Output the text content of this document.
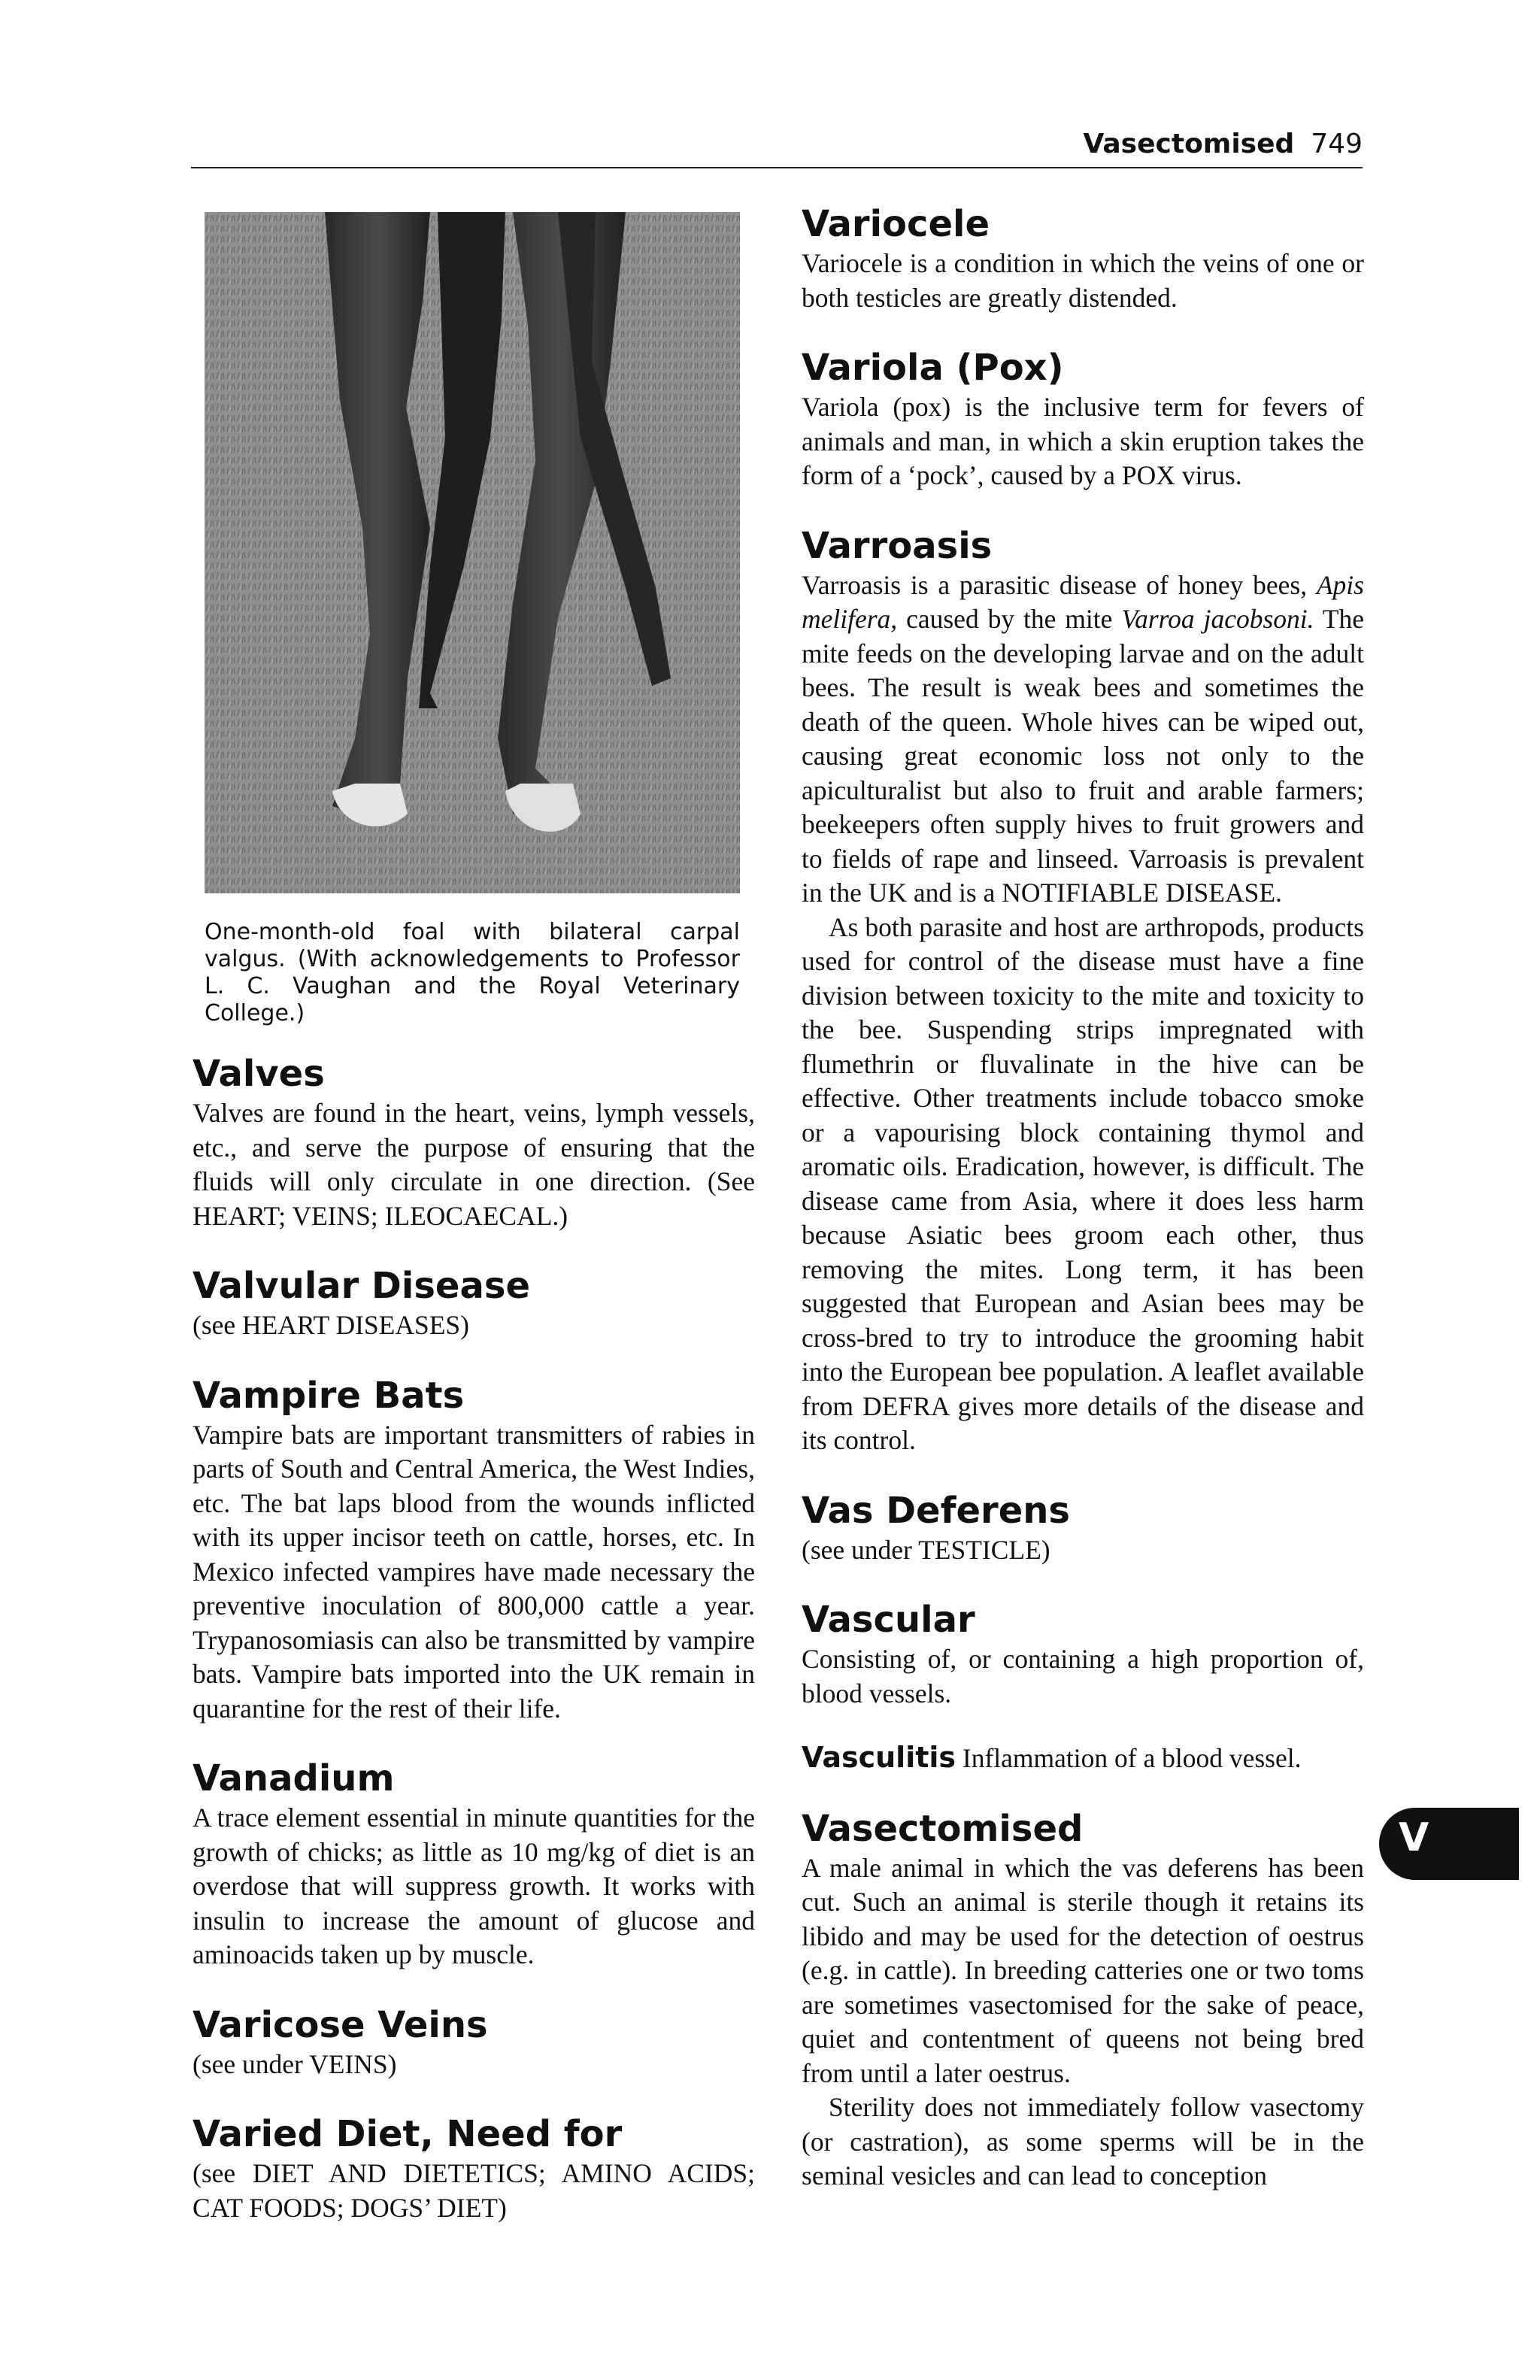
Vasectomised 749
One-month-old foal with bilateral carpal valgus. (With acknowledgements to Professor L. C. Vaughan and the Royal Veterinary College.)
Valves

Valves are found in the heart, veins, lymph vessels, etc., and serve the purpose of ensuring that the fluids will only circulate in one direction. (See HEART; VEINS; ILEOCAECAL.)

Valvular Disease

(see HEART DISEASES)

Vampire Bats

Vampire bats are important transmitters of rabies in parts of South and Central America, the West Indies, etc. The bat laps blood from the wounds inflicted with its upper incisor teeth on cattle, horses, etc. In Mexico infected vampires have made necessary the preventive inoculation of 800,000 cattle a year. Trypanosomiasis can also be transmitted by vampire bats. Vampire bats imported into the UK remain in quarantine for the rest of their life.

Vanadium

A trace element essential in minute quantities for the growth of chicks; as little as 10 mg/kg of diet is an overdose that will suppress growth. It works with insulin to increase the amount of glucose and aminoacids taken up by muscle.

Varicose Veins

(see under VEINS)

Varied Diet, Need for

(see DIET AND DIETETICS; AMINO ACIDS; CAT FOODS; DOGS’ DIET)

Variocele

Variocele is a condition in which the veins of one or both testicles are greatly distended.

Variola (Pox)

Variola (pox) is the inclusive term for fevers of animals and man, in which a skin eruption takes the form of a ‘pock’, caused by a POX virus.

Varroasis

Varroasis is a parasitic disease of honey bees, Apis melifera, caused by the mite Varroa jacobsoni. The mite feeds on the developing larvae and on the adult bees. The result is weak bees and sometimes the death of the queen. Whole hives can be wiped out, causing great economic loss not only to the apiculturalist but also to fruit and arable farmers; beekeepers often supply hives to fruit growers and to fields of rape and linseed. Varroasis is prevalent in the UK and is a NOTIFIABLE DISEASE.

As both parasite and host are arthropods, products used for control of the disease must have a fine division between toxicity to the mite and toxicity to the bee. Suspending strips impregnated with flumethrin or fluvalinate in the hive can be effective. Other treatments include tobacco smoke or a vapourising block containing thymol and aromatic oils. Eradication, however, is difficult. The disease came from Asia, where it does less harm because Asiatic bees groom each other, thus removing the mites. Long term, it has been suggested that European and Asian bees may be cross-bred to try to introduce the grooming habit into the European bee population. A leaflet available from DEFRA gives more details of the disease and its control.

Vas Deferens

(see under TESTICLE)

Vascular

Consisting of, or containing a high proportion of, blood vessels.

Vasculitis Inflammation of a blood vessel.

Vasectomised

A male animal in which the vas deferens has been cut. Such an animal is sterile though it retains its libido and may be used for the detection of oestrus (e.g. in cattle). In breeding catteries one or two toms are sometimes vasectomised for the sake of peace, quiet and contentment of queens not being bred from until a later oestrus.

Sterility does not immediately follow vasectomy (or castration), as some sperms will be in the seminal vesicles and can lead to conception

V
